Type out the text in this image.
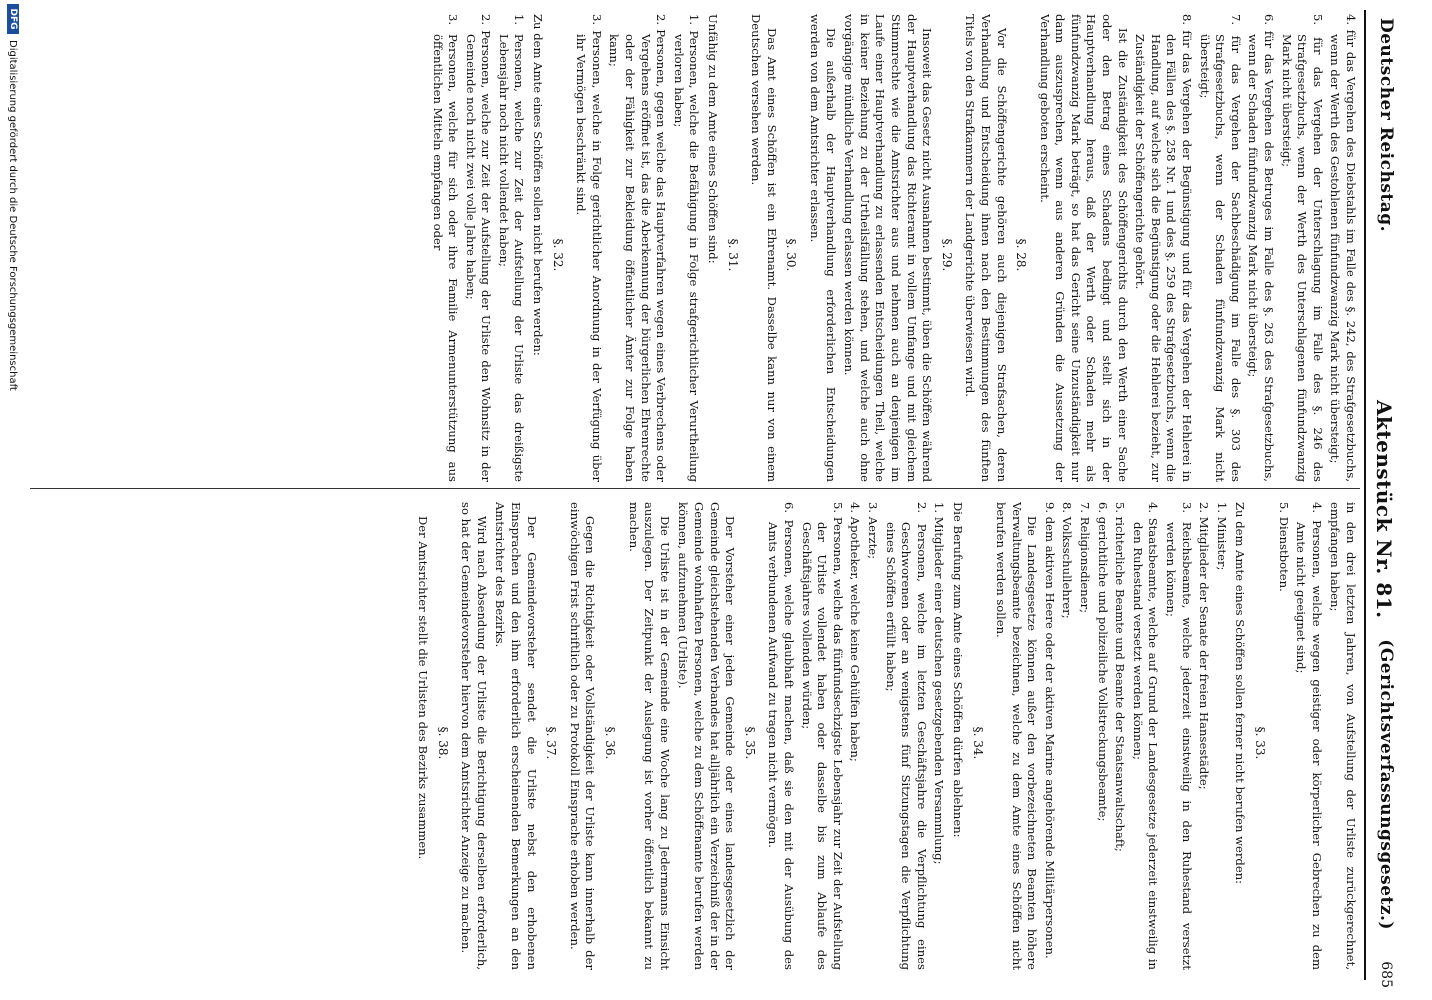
Deutscher Reichstag.
Aktenstück Nr. 81.
(Gerichtsverfassungsgesetz.)
685

4. für das Vergehen des Diebstahls im Falle des §. 242, des Strafgesetzbuchs, wenn der Werth des Gestohlenen fünfundzwanzig Mark nicht übersteigt;

5. für das Vergehen der Unterschlagung im Falle des §. 246 des Strafgesetzbuchs, wenn der Werth des Unterschlagenen fünfundzwanzig Mark nicht übersteigt;

6. für das Vergehen des Betruges im Falle des §. 263 des Strafgesetzbuchs, wenn der Schaden fünfundzwanzig Mark nicht übersteigt;

7. für das Vergehen der Sachbeschädigung im Falle des §. 303 des Strafgesetzbuchs, wenn der Schaden fünfundzwanzig Mark nicht übersteigt;

8. für das Vergehen der Begünstigung und für das Vergehen der Hehlerei in den Fällen des §. 258 Nr. 1 und des §. 259 des Strafgesetzbuchs, wenn die Handlung, auf welche sich die Begünstigung oder die Hehlerei bezieht, zur Zuständigkeit der Schöffengerichte gehört.

Ist die Zuständigkeit des Schöffengerichts durch den Werth einer Sache oder den Betrag eines Schadens bedingt und stellt sich in der Hauptverhandlung heraus, daß der Werth oder Schaden mehr als fünfundzwanzig Mark beträgt, so hat das Gericht seine Unzuständigkeit nur dann auszusprechen, wenn aus anderen Gründen die Aussetzung der Verhandlung geboten erscheint.

§. 28.

Vor die Schöffengerichte gehören auch diejenigen Strafsachen, deren Verhandlung und Entscheidung ihnen nach den Bestimmungen des fünften Titels von den Strafkammern der Landgerichte überwiesen wird.

§. 29.

Insoweit das Gesetz nicht Ausnahmen bestimmt, üben die Schöffen während der Hauptverhandlung das Richteramt in vollem Umfange und mit gleichem Stimmrechte wie die Amtsrichter aus und nehmen auch an denjenigen im Laufe einer Hauptverhandlung zu erlassenden Entscheidungen Theil, welche in keiner Beziehung zu der Urtheilsfällung stehen, und welche auch ohne vorgängige mündliche Verhandlung erlassen werden können.

Die außerhalb der Hauptverhandlung erforderlichen Entscheidungen werden von dem Amtsrichter erlassen.

§. 30.

Das Amt eines Schöffen ist ein Ehrenamt. Dasselbe kann nur von einem Deutschen versehen werden.

§. 31.

Unfähig zu dem Amte eines Schöffen sind:

1. Personen, welche die Befähigung in Folge strafgerichtlicher Verurtheilung verloren haben;

2. Personen, gegen welche das Hauptverfahren wegen eines Verbrechens oder Vergehens eröffnet ist, das die Aberkennung der bürgerlichen Ehrenrechte oder der Fähigkeit zur Bekleidung öffentlicher Ämter zur Folge haben kann;

3. Personen, welche in Folge gerichtlicher Anordnung in der Verfügung über ihr Vermögen beschränkt sind.

§. 32.

Zu dem Amte eines Schöffen sollen nicht berufen werden:

1. Personen, welche zur Zeit der Aufstellung der Urliste das dreißigste Lebensjahr noch nicht vollendet haben;

2. Personen, welche zur Zeit der Aufstellung der Urliste den Wohnsitz in der Gemeinde noch nicht zwei volle Jahre haben;

3. Personen, welche für sich oder ihre Familie Armenunterstützung aus öffentlichen Mitteln empfangen oder

in den drei letzten Jahren, von Aufstellung der Urliste zurückgerechnet, empfangen haben;

4. Personen, welche wegen geistiger oder körperlicher Gebrechen zu dem Amte nicht geeignet sind;

5. Dienstboten.

§. 33.

Zu dem Amte eines Schöffen sollen ferner nicht berufen werden:

1. Minister;

2. Mitglieder der Senate der freien Hansestädte;

3. Reichsbeamte, welche jederzeit einstweilig in den Ruhestand versetzt werden können;

4. Staatsbeamte, welche auf Grund der Landesgesetze jederzeit einstweilig in den Ruhestand versetzt werden können;

5. richterliche Beamte und Beamte der Staatsanwaltschaft;

6. gerichtliche und polizeiliche Vollstreckungsbeamte;

7. Religionsdiener;

8. Volksschullehrer;

9. dem aktiven Heere oder der aktiven Marine angehörende Militärpersonen.

Die Landesgesetze können außer den vorbezeichneten Beamten höhere Verwaltungsbeamte bezeichnen, welche zu dem Amte eines Schöffen nicht berufen werden sollen.

§. 34.

Die Berufung zum Amte eines Schöffen dürfen ablehnen:

1. Mitglieder einer deutschen gesetzgebenden Versammlung;

2. Personen, welche im letzten Geschäftsjahre die Verpflichtung eines Geschworenen oder an wenigstens fünf Sitzungstagen die Verpflichtung eines Schöffen erfüllt haben;

3. Aerzte;

4. Apotheker, welche keine Gehülfen haben;

5. Personen, welche das fünfundsechzigste Lebensjahr zur Zeit der Aufstellung der Urliste vollendet haben oder dasselbe bis zum Ablaufe des Geschäftsjahres vollenden würden;

6. Personen, welche glaubhaft machen, daß sie den mit der Ausübung des Amts verbundenen Aufwand zu tragen nicht vermögen.

§. 35.

Der Vorsteher einer jeden Gemeinde oder eines landesgesetzlich der Gemeinde gleichstehenden Verbandes hat alljährlich ein Verzeichniß der in der Gemeinde wohnhaften Personen, welche zu dem Schöffenamte berufen werden können, aufzunehmen (Urliste).

Die Urliste ist in der Gemeinde eine Woche lang zu Jedermanns Einsicht auszulegen. Der Zeitpunkt der Auslegung ist vorher öffentlich bekannt zu machen.

§. 36.

Gegen die Richtigkeit oder Vollständigkeit der Urliste kann innerhalb der einwöchigen Frist schriftlich oder zu Protokoll Einsprache erhoben werden.

§. 37.

Der Gemeindevorsteher sendet die Urliste nebst den erhobenen Einsprachen und den ihm erforderlich erscheinenden Bemerkungen an den Amtsrichter des Bezirks.

Wird nach Absendung der Urliste die Berichtigung derselben erforderlich, so hat der Gemeindevorsteher hiervon dem Amtsrichter Anzeige zu machen.

§. 38.

Der Amtsrichter stellt die Urlisten des Bezirks zusammen.

DFG
Digitalisierung gefördert durch die Deutsche Forschungsgemeinschaft
